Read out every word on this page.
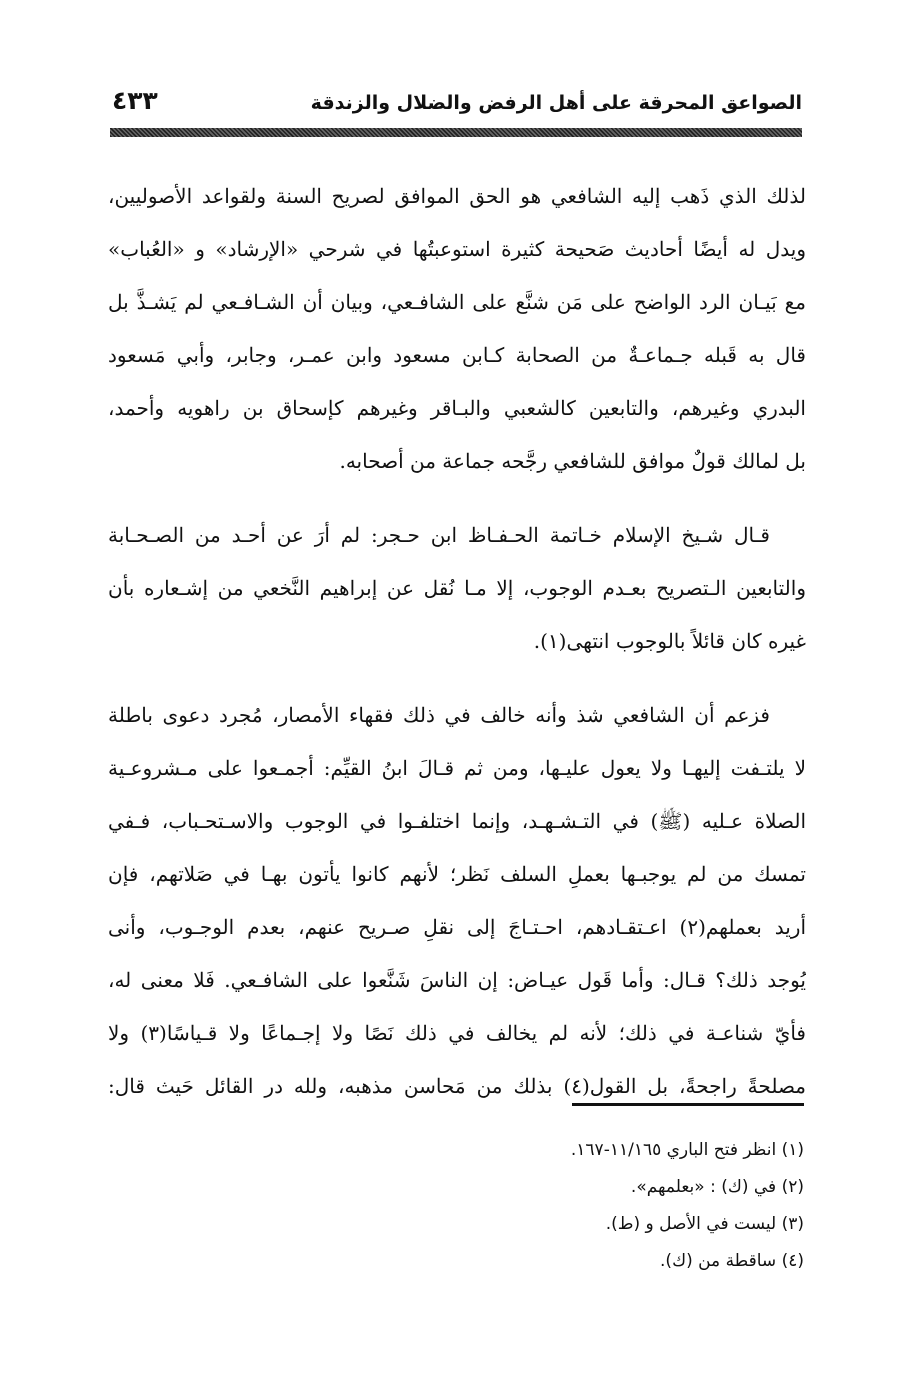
الصواعق المحرقة على أهل الرفض والضلال والزندقة
٤٣٣
لذلك الذي ذَهب إليه الشافعي هو الحق الموافق لصريح السنة ولقواعد الأصوليين،
ويدل له أيضًا أحاديث صَحيحة كثيرة استوعبتُها في شرحي «الإرشاد» و «العُباب»
مع بَيـان الرد الواضح على مَن شنَّع على الشافـعي، وبيان أن الشـافـعي لم يَشـذَّ بل
قال به قَبله جـماعـةٌ من الصحابة كـابن مسعود وابن عمـر، وجابر، وأبي مَسعود
البدري وغيرهم، والتابعين كالشعبي والبـاقر وغيرهم كإسحاق بن راهويه وأحمد،
بل لمالك قولٌ موافق للشافعي رجَّحه جماعة من أصحابه.
قـال شـيخ الإسلام خـاتمة الحـفـاظ ابن حـجر: لم أرَ عن أحـد من الصـحـابة
والتابعين الـتصريح بعـدم الوجوب، إلا مـا نُقل عن إبراهيم النَّخعي من إشـعاره بأن
غيره كان قائلاً بالوجوب انتهى(١).
فزعم أن الشافعي شذ وأنه خالف في ذلك فقهاء الأمصار، مُجرد دعوى باطلة
لا يلتـفت إليهـا ولا يعول عليـها، ومن ثم قـالَ ابنُ القيِّم: أجمـعوا على مـشروعـية
الصلاة عـليه (ﷺ) في التـشـهـد، وإنما اختلفـوا في الوجوب والاسـتحـباب، فـفي
تمسك من لم يوجبـها بعملِ السلف نَظر؛ لأنهم كانوا يأتون بهـا في صَلاتهم، فإن
أريد بعملهم(٢) اعـتقـادهم، احـتـاجَ إلى نقلِ صـريح عنهم، بعدم الوجـوب، وأنى
يُوجد ذلك؟ قـال: وأما قَول عيـاض: إن الناسَ شَنَّعوا على الشافـعي. فَلا معنى له،
فأيّ شناعـة في ذلك؛ لأنه لم يخالف في ذلك نَصًا ولا إجـماعًا ولا قـياسًا(٣) ولا
مصلحةً راجحةً، بل القول(٤) بذلك من مَحاسن مذهبه، ولله در القائل حَيث قال:
(١) انظر فتح الباري ١١/١٦٥-١٦٧.
(٢) في (ك) : «بعلمهم».
(٣) ليست في الأصل و (ط).
(٤) ساقطة من (ك).
